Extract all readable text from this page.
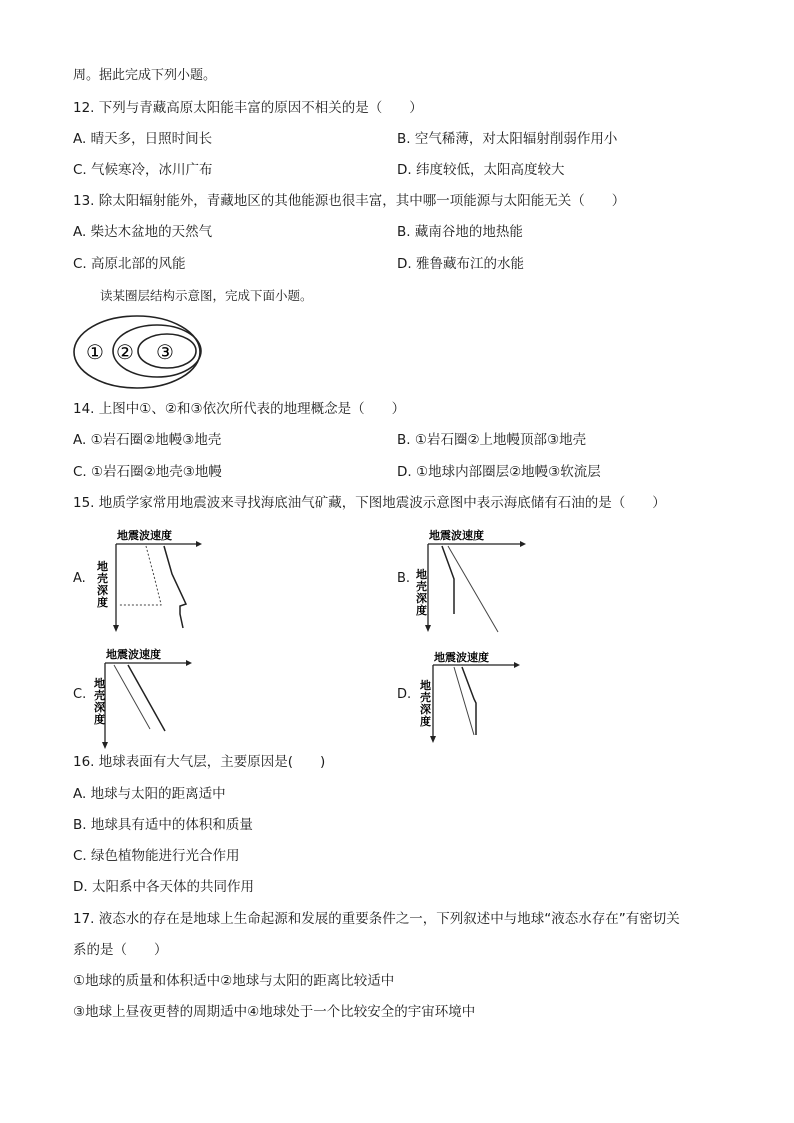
周。据此完成下列小题。
12. 下列与青藏高原太阳能丰富的原因不相关的是（　　）
A. 晴天多，日照时间长	B. 空气稀薄，对太阳辐射削弱作用小
C. 气候寒冷，冰川广布	D. 纬度较低，太阳高度较大
13. 除太阳辐射能外，青藏地区的其他能源也很丰富，其中哪一项能源与太阳能无关（　　）
A. 柴达木盆地的天然气	B. 藏南谷地的地热能
C. 高原北部的风能	D. 雅鲁藏布江的水能
读某圈层结构示意图，完成下面小题。
① ② ③
14. 上图中①、②和③依次所代表的地理概念是（　　）
A. ①岩石圈②地幔③地壳	B. ①岩石圈②上地幔顶部③地壳
C. ①岩石圈②地壳③地幔	D. ①地球内部圈层②地幔③软流层
15. 地质学家常用地震波来寻找海底油气矿藏，下图地震波示意图中表示海底储有石油的是（　　）
A.
地震波速度
地壳深度
B.
地震波速度
地壳深度
C.
地震波速度
地壳深度
D.
地震波速度
地壳深度
16. 地球表面有大气层，主要原因是(　　)
A. 地球与太阳的距离适中
B. 地球具有适中的体积和质量
C. 绿色植物能进行光合作用
D. 太阳系中各天体的共同作用
17. 液态水的存在是地球上生命起源和发展的重要条件之一，下列叙述中与地球“液态水存在”有密切关
系的是（　　）
①地球的质量和体积适中②地球与太阳的距离比较适中
③地球上昼夜更替的周期适中④地球处于一个比较安全的宇宙环境中
